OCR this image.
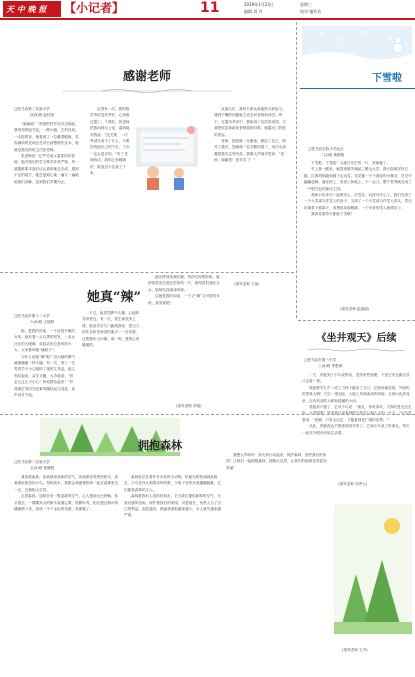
天 中 晚 报 【小记者】	11	2019年1月23日	星期三
编辑 刘 丹	校对 谢芳芳
感谢老师
□驻马店第二实验小学
四(3)班 赵佳怡

“滴滴滴！”熟悉的铃声在耳边响起，我匆匆背起书包，一路小跑，生怕迟到。一走进教室，就看到了一位戴着眼镜、笑容满面的老师正在讲台前整理作业本，她就是我们的班主任张老师。

张老师是一位严厉而又温柔的好老师，她对我们的学习要求非常严格，每一道题都要求我们认认真真地去完成，遇到不会的地方，她总是耐心地一遍又一遍地给我们讲解，直到我们弄懂为止。

记得有一次，我的数学考试没有考好，心里难过极了。下课后，张老师把我叫到办公室，温和地对我说：“没关系，一次考试代表不了什么，只要你找到自己的不足，下次一定会进步的。”听了老师的话，我的心里暖暖的，眼泪忍不住流了下来。

从那以后，我每天都认真地预习和复习，遇到不懂的问题就主动去问老师和同学。终于，在期末考试中，我取得了优异的成绩。当我把试卷拿给张老师看的时候，她露出了欣慰的笑容。

老师，您就像一支蜡烛，燃烧了自己，照亮了我们；您就像一位辛勤的园丁，用汗水浇灌着我们这些幼苗。我要大声地对您说：“老师，谢谢您！您辛苦了！”

(指导老师 王丽)
下雪啦
□驻马店实验小学北区
二(1)班 黄源锐

下雪啦，下雪啦！大地白茫茫的一片，美丽极了。

早上我一醒来，就看到窗外飘起了鹅毛大雪，我兴奋地穿好衣服，拉着妈妈跑到楼下去玩雪。雪花像一个个调皮的小精灵，在空中翩翩起舞，落在树上、房顶上和地上，不一会儿，整个世界就变成了一个银白色的童话王国。

我和小伙伴们一起堆雪人、打雪仗，玩得可开心了。我们先滚了一个大雪球当作雪人的身子，又滚了一个小雪球当作雪人的头，然后用胡萝卜做鼻子，用黑纽扣做眼睛，一个可爱的雪人就堆好了。

我真希望每天都能下雪啊！

(指导老师 赵丽丽)
她真“辣”
□驻马店市第十二小学
六(5)班 王瑞婷

她，是我的同桌，一个活泼开朗的女孩。她有着一头乌黑的短发，一双水汪汪的大眼睛，说起话来总是风风火火，大家都叫她“辣妹子”。

为什么说她“辣”呢？因为她的脾气就像辣椒一样火爆。有一次，班上一位男同学不小心碰掉了她的文具盒，她立刻站起来，双手叉腰，大声地说：“你怎么这么不小心！快给我捡起来！”吓得那位男同学赶紧弯腰捡起文具盒，连声说对不起。

不过，她虽然脾气火爆，心地却非常善良。有一次，我生病没来上课，她放学后专门跑到我家，把当天的作业和老师讲的重点一一告诉我，还帮我补习功课。那一刻，我的心里暖暖的。

她还特别喜欢吃辣，每次吃饭的时候，她的饭菜里总是红彤彤的一片，看得我们直吐舌头，她却吃得津津有味。

这就是我的同桌，一个又“辣”又可爱的女孩，我喜欢她！

(指导老师 李娟)
《坐井观天》后续
□驻马店市第三小学
三(4)班 李思琪

一天，青蛙到了小鸟说的话，觉得有些道理，于是它决定跳出井口去看一看。

青蛙费尽九牛二虎之力终于跳出了井口，它惊讶地发现，外面的世界真大啊！天空一望无际，大地上有绿油油的草地、五颜六色的花朵，还有高高的大树和清澈的小河。

青蛙高兴极了，它对小鸟说：“朋友，你说得对，天真的是无边无际，大得很呢！原来我以前看到的只是井口那么大的一片天。”小鸟笑着说：“是啊，只有走出去，才能看到更广阔的世界。”

从此，青蛙再也不愿意回到井里了，它和小鸟成了好朋友，每天一起在外面快乐地生活着。

(指导老师 刘秀云)
拥抱森林
□驻马店第二实验小学
五(2)班 张晓悦

我喜欢森林，喜欢那里清新的空气，喜欢那里茂密的树木，喜欢那里欢快的小鸟。每到周末，我都会和爸爸妈妈一起去森林里走一走，去拥抱大自然。

走进森林，迎面扑来一股清新的空气，让人感到无比舒畅。抬头望去，一棵棵高大的树木直插云霄，枝繁叶茂，阳光透过树叶的缝隙洒下来，形成一个个金色的光斑，美丽极了。

森林里还住着许多可爱的小动物。松鼠在树枝间跳来跳去，小鸟在枝头唱着动听的歌，小兔子在草丛里蹦蹦跳跳，它们都是森林的主人。

森林是我们人类的好朋友，它为我们提供新鲜的空气，为我们遮风挡雨，保护着我们的家园。可是现在，有些人为了自己的利益，乱砍滥伐，使森林面积越来越少，水土流失越来越严重。

我想大声呼吁：请大家行动起来，保护森林，爱护我们的家园！让我们一起拥抱森林，拥抱大自然，让我们的地球变得更加美丽！

(指导老师 王丹)
